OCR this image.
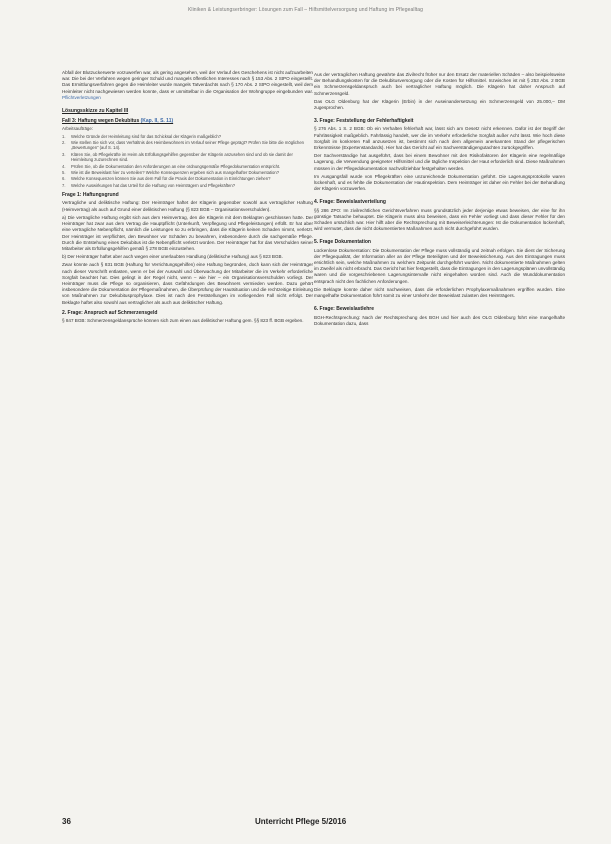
Kliniken & Leistungserbringer: Lösungen zum Fall – Hilfsmittelversorgung und Haftung im Pflegealltag

Abfall der Blutzuckerwerte vorzuwerfen war, als gering angesehen, weil der Verlauf des Geschehens ist nicht aufzuarbeiten war. Die bei der Verfahren wegen geringer Schuld und mangels öffentlichen Interesses nach § 153 Abs. 2 StPO eingestellt. Das Ermittlungsverfahren gegen die Heimleiter wurde mangels Tatverdachts nach § 170 Abs. 2 StPO eingestellt, weil dem Heimleiter nicht nachgewiesen werden konnte, dass er unmittelbar in die Organisation der Wohngruppe eingebunden war. Pflichtverletzungen

Lösungsskizze zu Kapitel III
Fall 3: Haftung wegen Dekubitus (Kap. II, S. 11)
Arbeitsaufträge:
1. Welche Gründe der Heimleitung sind für das Schicksal der Klägerin maßgeblich?
2. Wie stellen Sie sich vor, dass Verhältnis des Heimbewohners im Verlauf seiner Pflege geprägt? Prüfen Sie bitte die möglichen „Bewertungen“ (auf S. 14).
3. Klären Sie, ob Pflegekräfte im Heim als Erfüllungsgehilfen gegenüber der Klägerin anzusehen sind und ob sie damit der Heimleitung zuzurechnen sind.
4. Prüfen Sie, ob die Dokumentation den Anforderungen an eine ordnungsgemäße Pflegedokumentation entspricht.
5. Wie ist die Beweislast hier zu verteilen? Welche Konsequenzen ergeben sich aus mangelhafter Dokumentation?
6. Welche Konsequenzen können Sie aus dem Fall für die Praxis der Dokumentation in Einrichtungen ziehen?
7. Welche Auswirkungen hat das Urteil für die Haftung von Heimträgern und Pflegekräften?
Frage 1: Haftungsgrund

Vertragliche und deliktische Haftung: Der Heimträger haftet der Klägerin gegenüber sowohl aus vertraglicher Haftung (Heimvertrag) als auch auf Grund einer deliktischen Haftung (§ 823 BGB – Organisationsverschulden).

a) Die vertragliche Haftung ergibt sich aus dem Heimvertrag, den die Klägerin mit dem Beklagten geschlossen hatte. Der Heimträger hat zwar aus dem Vertrag die Hauptpflicht (Unterkunft, Verpflegung und Pflegeleistungen) erfüllt. Er hat aber eine vertragliche Nebenpflicht, nämlich die Leistungen so zu erbringen, dass die Klägerin keinen Schaden nimmt, verletzt. Der Heimträger ist verpflichtet, den Bewohner vor Schäden zu bewahren, insbesondere durch die sachgemäße Pflege. Durch die Entstehung eines Dekubitus ist die Nebenpflicht verletzt worden. Der Heimträger hat für das Verschulden seiner Mitarbeiter als Erfüllungsgehilfen gemäß § 278 BGB einzustehen.

b) Der Heimträger haftet aber auch wegen einer unerlaubten Handlung (deliktische Haftung) aus § 823 BGB.

Zwar könnte auch § 831 BGB (Haftung für Verrichtungsgehilfen) eine Haftung begründen, doch kann sich der Heimträger nach dieser Vorschrift entlasten, wenn er bei der Auswahl und Überwachung der Mitarbeiter die im Verkehr erforderliche Sorgfalt beachtet hat. Dies gelingt in der Regel nicht, wenn – wie hier – ein Organisationsverschulden vorliegt. Der Heimträger muss die Pflege so organisieren, dass Gefährdungen des Bewohners vermieden werden. Dazu gehört insbesondere die Dokumentation der Pflegemaßnahmen, die Überprüfung der Hautsituation und die rechtzeitige Einleitung von Maßnahmen zur Dekubitusprophylaxe. Dies ist nach den Feststellungen im vorliegenden Fall nicht erfolgt. Der Beklagte haftet also sowohl aus vertraglicher als auch aus deliktischer Haftung.

2. Frage: Anspruch auf Schmerzensgeld

§ 847 BGB: Schmerzensgeldansprüche können sich zum einen aus deliktischer Haftung gem. §§ 823 ff. BGB ergeben.

Aus der vertraglichen Haftung gewährte das Zivilrecht früher nur den Ersatz der materiellen Schäden – also beispielsweise der Behandlungskosten für die Dekubitusversorgung oder die Kosten für Hilfsmittel. Inzwischen ist mit § 253 Abs. 2 BGB ein Schmerzensgeldanspruch auch bei vertraglicher Haftung möglich. Die Klägerin hat daher Anspruch auf Schmerzensgeld.

Das OLG Oldenburg hat der Klägerin (Erbin) in der Auseinandersetzung ein Schmerzensgeld von 25.000,– DM zugesprochen.

3. Frage: Feststellung der Fehlerhaftigkeit

§ 276 Abs. 1 S. 2 BGB: Ob ein Verhalten fehlerhaft war, lässt sich am Gesetz nicht erkennen. Dafür ist der Begriff der Fahrlässigkeit maßgeblich. Fahrlässig handelt, wer die im Verkehr erforderliche Sorgfalt außer Acht lässt. Wie hoch diese Sorgfalt im konkreten Fall anzusetzen ist, bestimmt sich nach dem allgemein anerkannten Stand der pflegerischen Erkenntnisse (Expertenstandards). Hier hat das Gericht auf ein Sachverständigengutachten zurückgegriffen.

Der Sachverständige hat ausgeführt, dass bei einem Bewohner mit den Risikofaktoren der Klägerin eine regelmäßige Lagerung, die Verwendung geeigneter Hilfsmittel und die tägliche Inspektion der Haut erforderlich sind. Diese Maßnahmen müssen in der Pflegedokumentation nachvollziehbar festgehalten werden.

Im Ausgangsfall wurde von Pflegekräften eine unzureichende Dokumentation geführt. Die Lagerungsprotokolle waren lückenhaft, und es fehlte die Dokumentation der Hautinspektion. Dem Heimträger ist daher ein Fehler bei der Behandlung der Klägerin vorzuwerfen.

4. Frage: Beweislastverteilung

§§ 286 ZPO: Im zivilrechtlichen Gerichtsverfahren muss grundsätzlich jeder derjenige etwas beweisen, der eine für ihn günstige Tatsache behauptet. Die Klägerin muss also beweisen, dass ein Fehler vorliegt und dass dieser Fehler für den Schaden ursächlich war. Hier hilft aber die Rechtsprechung mit Beweiserleichterungen: Ist die Dokumentation lückenhaft, wird vermutet, dass die nicht dokumentierten Maßnahmen auch nicht durchgeführt wurden.

5. Frage Dokumentation

Lückenlose Dokumentation: Die Dokumentation der Pflege muss vollständig und zeitnah erfolgen. Sie dient der Sicherung der Pflegequalität, der Information aller an der Pflege Beteiligten und der Beweissicherung. Aus den Eintragungen muss ersichtlich sein, welche Maßnahmen zu welchem Zeitpunkt durchgeführt wurden. Nicht dokumentierte Maßnahmen gelten im Zweifel als nicht erbracht. Das Gericht hat hier festgestellt, dass die Eintragungen in den Lagerungsplänen unvollständig waren und die vorgeschriebenen Lagerungsintervalle nicht eingehalten worden sind. Auch die Wunddokumentation entsprach nicht den fachlichen Anforderungen.

Die Beklagte konnte daher nicht nachweisen, dass die erforderlichen Prophylaxemaßnahmen ergriffen wurden. Eine mangelhafte Dokumentation führt somit zu einer Umkehr der Beweislast zulasten des Heimträgers.

6. Frage: Beweislastlehre

BGH-Rechtsprechung: Nach der Rechtsprechung des BGH und hier auch des OLG Oldenburg führt eine mangelhafte Dokumentation dazu, dass

36	Unterricht Pflege 5/2016
